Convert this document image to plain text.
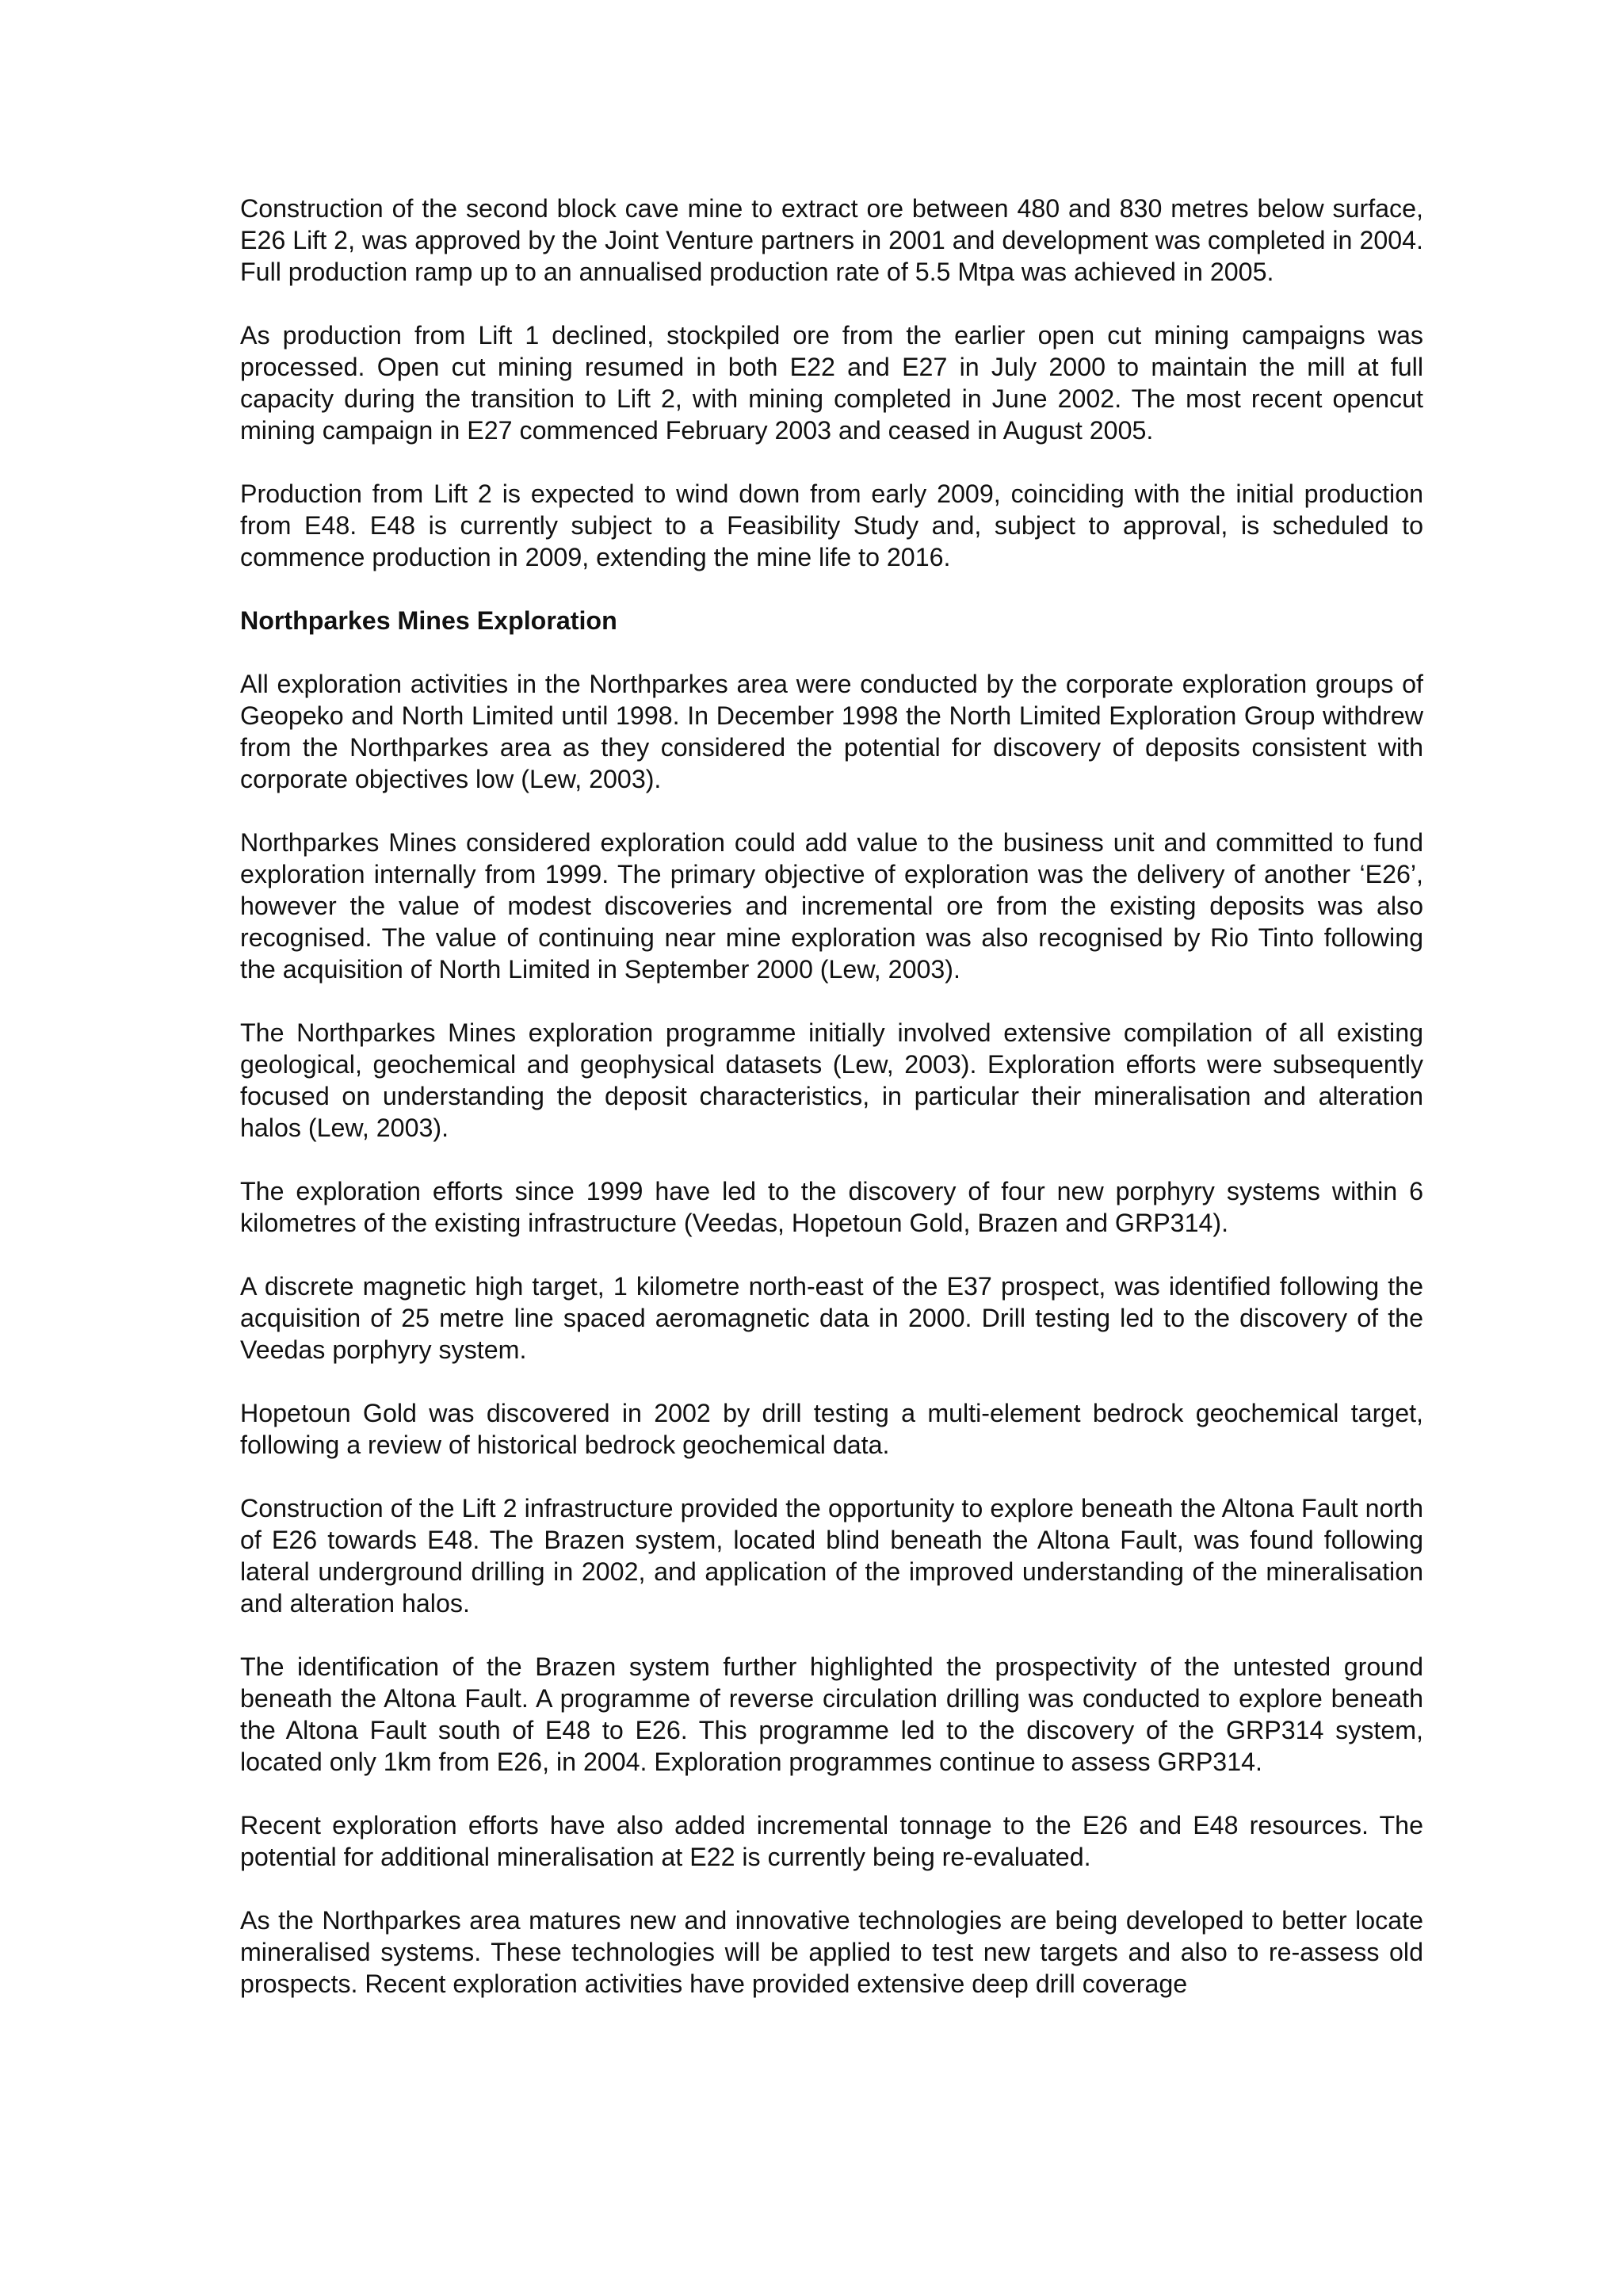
Construction of the second block cave mine to extract ore between 480 and 830 metres below surface, E26 Lift 2, was approved by the Joint Venture partners in 2001 and development was completed in 2004. Full production ramp up to an annualised production rate of 5.5 Mtpa was achieved in 2005.

As production from Lift 1 declined, stockpiled ore from the earlier open cut mining campaigns was processed. Open cut mining resumed in both E22 and E27 in July 2000 to maintain the mill at full capacity during the transition to Lift 2, with mining completed in June 2002. The most recent opencut mining campaign in E27 commenced February 2003 and ceased in August 2005.

Production from Lift 2 is expected to wind down from early 2009, coinciding with the initial production from E48. E48 is currently subject to a Feasibility Study and, subject to approval, is scheduled to commence production in 2009, extending the mine life to 2016.

Northparkes Mines Exploration

All exploration activities in the Northparkes area were conducted by the corporate exploration groups of Geopeko and North Limited until 1998. In December 1998 the North Limited Exploration Group withdrew from the Northparkes area as they considered the potential for discovery of deposits consistent with corporate objectives low (Lew, 2003).

Northparkes Mines considered exploration could add value to the business unit and committed to fund exploration internally from 1999. The primary objective of exploration was the delivery of another ‘E26’, however the value of modest discoveries and incremental ore from the existing deposits was also recognised. The value of continuing near mine exploration was also recognised by Rio Tinto following the acquisition of North Limited in September 2000 (Lew, 2003).

The Northparkes Mines exploration programme initially involved extensive compilation of all existing geological, geochemical and geophysical datasets (Lew, 2003). Exploration efforts were subsequently focused on understanding the deposit characteristics, in particular their mineralisation and alteration halos (Lew, 2003).

The exploration efforts since 1999 have led to the discovery of four new porphyry systems within 6 kilometres of the existing infrastructure (Veedas, Hopetoun Gold, Brazen and GRP314).

A discrete magnetic high target, 1 kilometre north-east of the E37 prospect, was identified following the acquisition of 25 metre line spaced aeromagnetic data in 2000. Drill testing led to the discovery of the Veedas porphyry system.

Hopetoun Gold was discovered in 2002 by drill testing a multi-element bedrock geochemical target, following a review of historical bedrock geochemical data.

Construction of the Lift 2 infrastructure provided the opportunity to explore beneath the Altona Fault north of E26 towards E48. The Brazen system, located blind beneath the Altona Fault, was found following lateral underground drilling in 2002, and application of the improved understanding of the mineralisation and alteration halos.

The identification of the Brazen system further highlighted the prospectivity of the untested ground beneath the Altona Fault. A programme of reverse circulation drilling was conducted to explore beneath the Altona Fault south of E48 to E26. This programme led to the discovery of the GRP314 system, located only 1km from E26, in 2004. Exploration programmes continue to assess GRP314.

Recent exploration efforts have also added incremental tonnage to the E26 and E48 resources. The potential for additional mineralisation at E22 is currently being re-evaluated.

As the Northparkes area matures new and innovative technologies are being developed to better locate mineralised systems. These technologies will be applied to test new targets and also to re-assess old prospects. Recent exploration activities have provided extensive deep drill coverage
